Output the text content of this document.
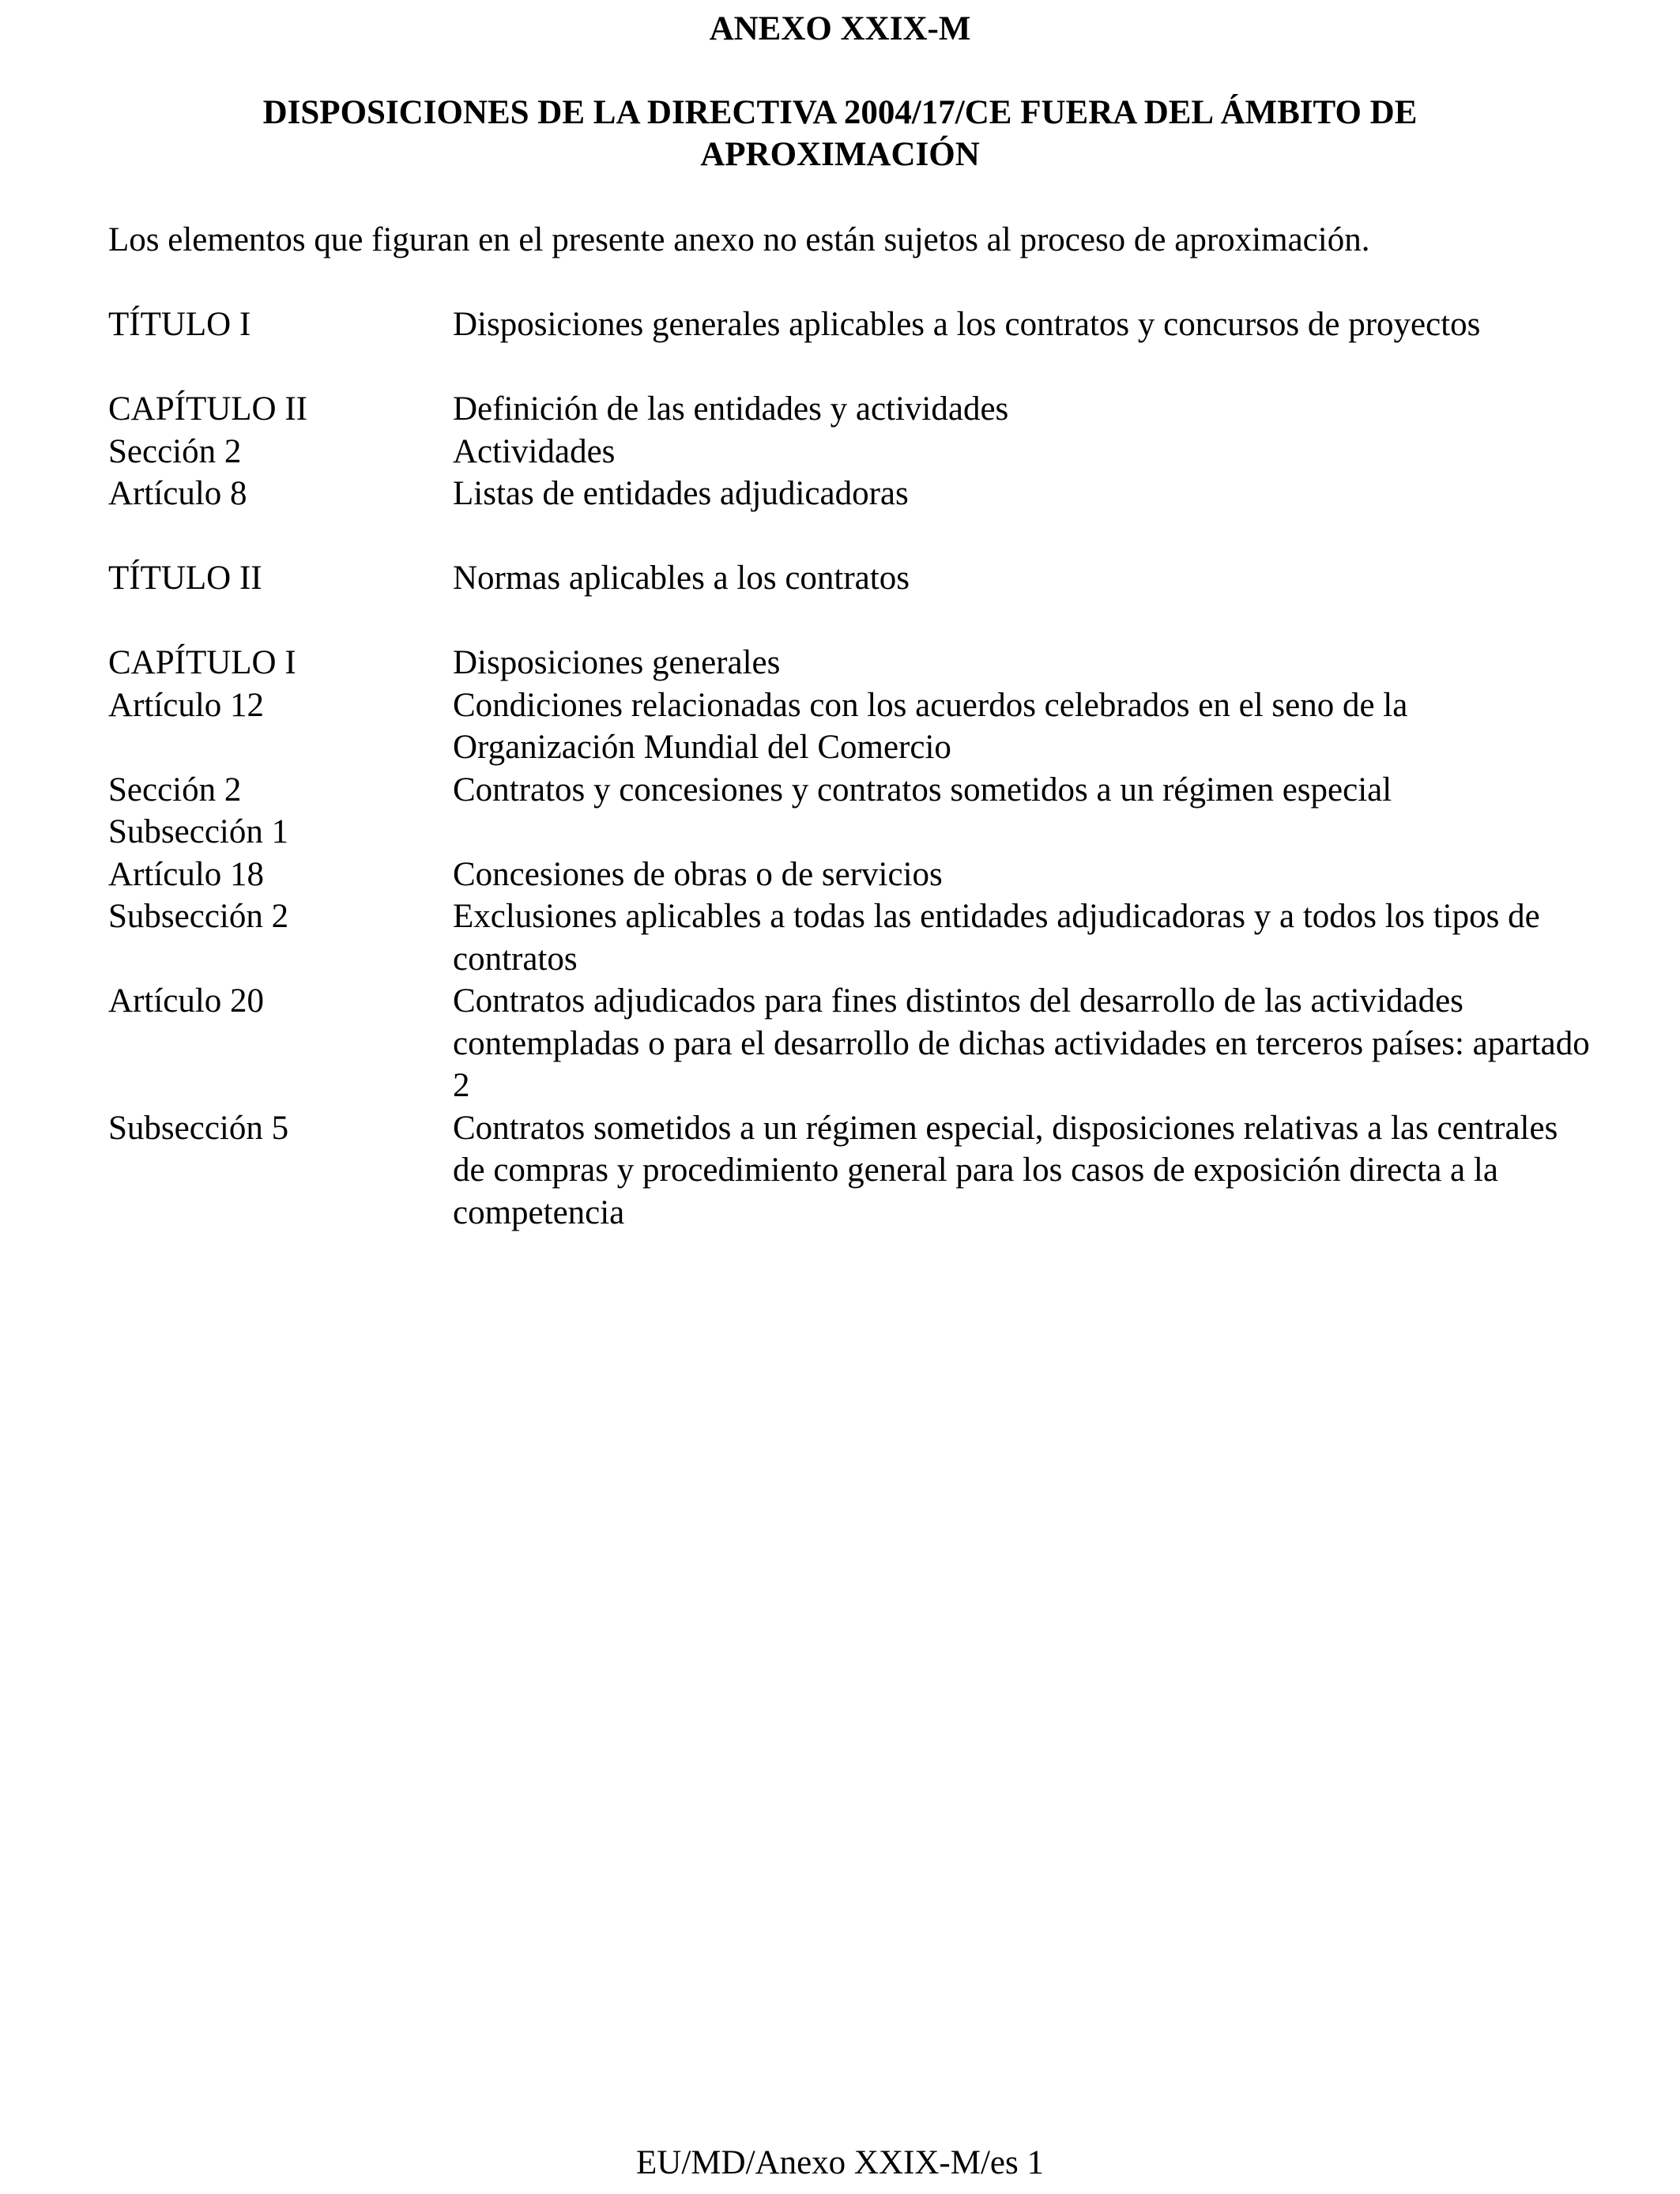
ANEXO XXIX-M
DISPOSICIONES DE LA DIRECTIVA 2004/17/CE FUERA DEL ÁMBITO DE
APROXIMACIÓN

Los elementos que figuran en el presente anexo no están sujetos al proceso de aproximación.

TÍTULO I	Disposiciones generales aplicables a los contratos y concursos de proyectos
CAPÍTULO II	Definición de las entidades y actividades
Sección 2	Actividades
Artículo 8	Listas de entidades adjudicadoras
TÍTULO II	Normas aplicables a los contratos
CAPÍTULO I	Disposiciones generales
Artículo 12	Condiciones relacionadas con los acuerdos celebrados en el seno de la Organización Mundial del Comercio
Sección 2	Contratos y concesiones y contratos sometidos a un régimen especial
Subsección 1
Artículo 18	Concesiones de obras o de servicios
Subsección 2	Exclusiones aplicables a todas las entidades adjudicadoras y a todos los tipos de contratos
Artículo 20	Contratos adjudicados para fines distintos del desarrollo de las actividades contempladas o para el desarrollo de dichas actividades en terceros países: apartado 2
Subsección 5	Contratos sometidos a un régimen especial, disposiciones relativas a las centrales de compras y procedimiento general para los casos de exposición directa a la competencia

EU/MD/Anexo XXIX-M/es 1
